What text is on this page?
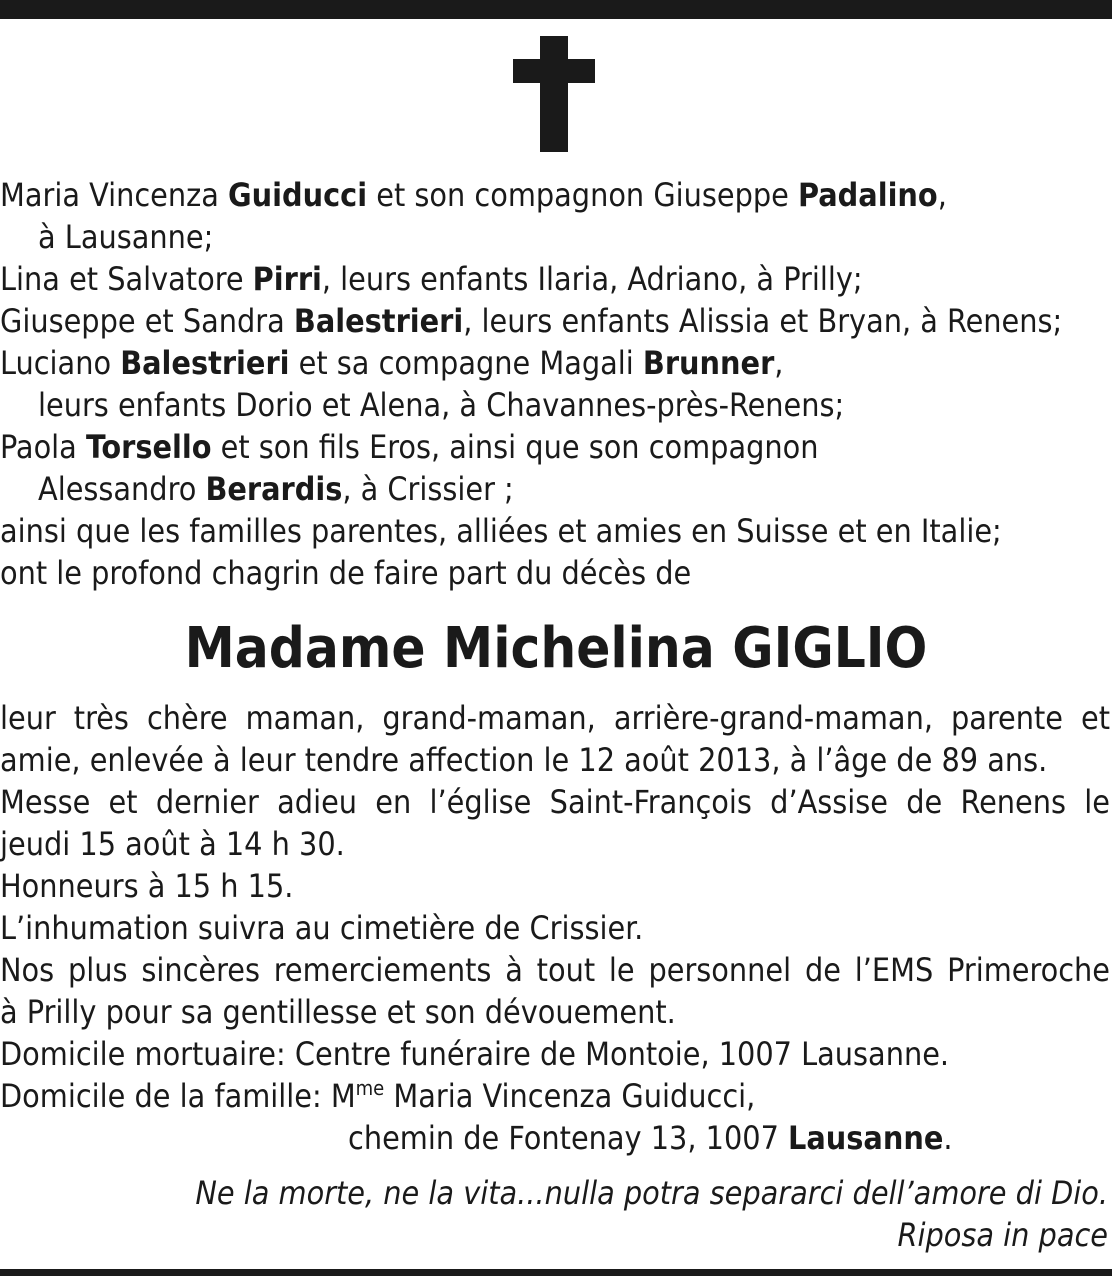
Maria Vincenza Guiducci et son compagnon Giuseppe Padalino,
à Lausanne;
Lina et Salvatore Pirri, leurs enfants Ilaria, Adriano, à Prilly;
Giuseppe et Sandra Balestrieri, leurs enfants Alissia et Bryan, à Renens;
Luciano Balestrieri et sa compagne Magali Brunner,
leurs enfants Dorio et Alena, à Chavannes-près-Renens;
Paola Torsello et son fils Eros, ainsi que son compagnon
Alessandro Berardis, à Crissier ;
ainsi que les familles parentes, alliées et amies en Suisse et en Italie;
ont le profond chagrin de faire part du décès de
Madame Michelina GIGLIO
leur très chère maman, grand-maman, arrière-grand-maman, parente et
amie, enlevée à leur tendre affection le 12 août 2013, à l’âge de 89 ans.
Messe et dernier adieu en l’église Saint-François d’Assise de Renens le
jeudi 15 août à 14 h 30.
Honneurs à 15 h 15.
L’inhumation suivra au cimetière de Crissier.
Nos plus sincères remerciements à tout le personnel de l’EMS Primeroche
à Prilly pour sa gentillesse et son dévouement.
Domicile mortuaire: Centre funéraire de Montoie, 1007 Lausanne.
Domicile de la famille: $M^{me}$ Maria Vincenza Guiducci,
chemin de Fontenay 13, 1007 Lausanne.
Ne la morte, ne la vita...nulla potra separarci dell’amore di Dio.
Riposa in pace
